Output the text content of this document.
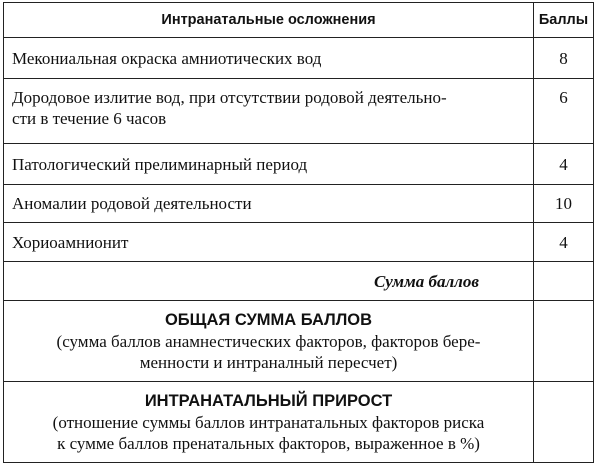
Интранатальные осложнения	Баллы
Мекониальная окраска амниотических вод	8
Дородовое излитие вод, при отсутствии родовой деятельно-
сти в течение 6 часов	6
Патологический прелиминарный период	4
Аномалии родовой деятельности	10
Хориоамнионит	4
Сумма баллов	

ОБЩАЯ СУММА БАЛЛОВ
(сумма баллов анамнестических факторов, факторов бере-
менности и интраналный пересчет)	

ИНТРАНАТАЛЬНЫЙ ПРИРОСТ
(отношение суммы баллов интранатальных факторов риска
к сумме баллов пренатальных факторов, выраженное в %)	
